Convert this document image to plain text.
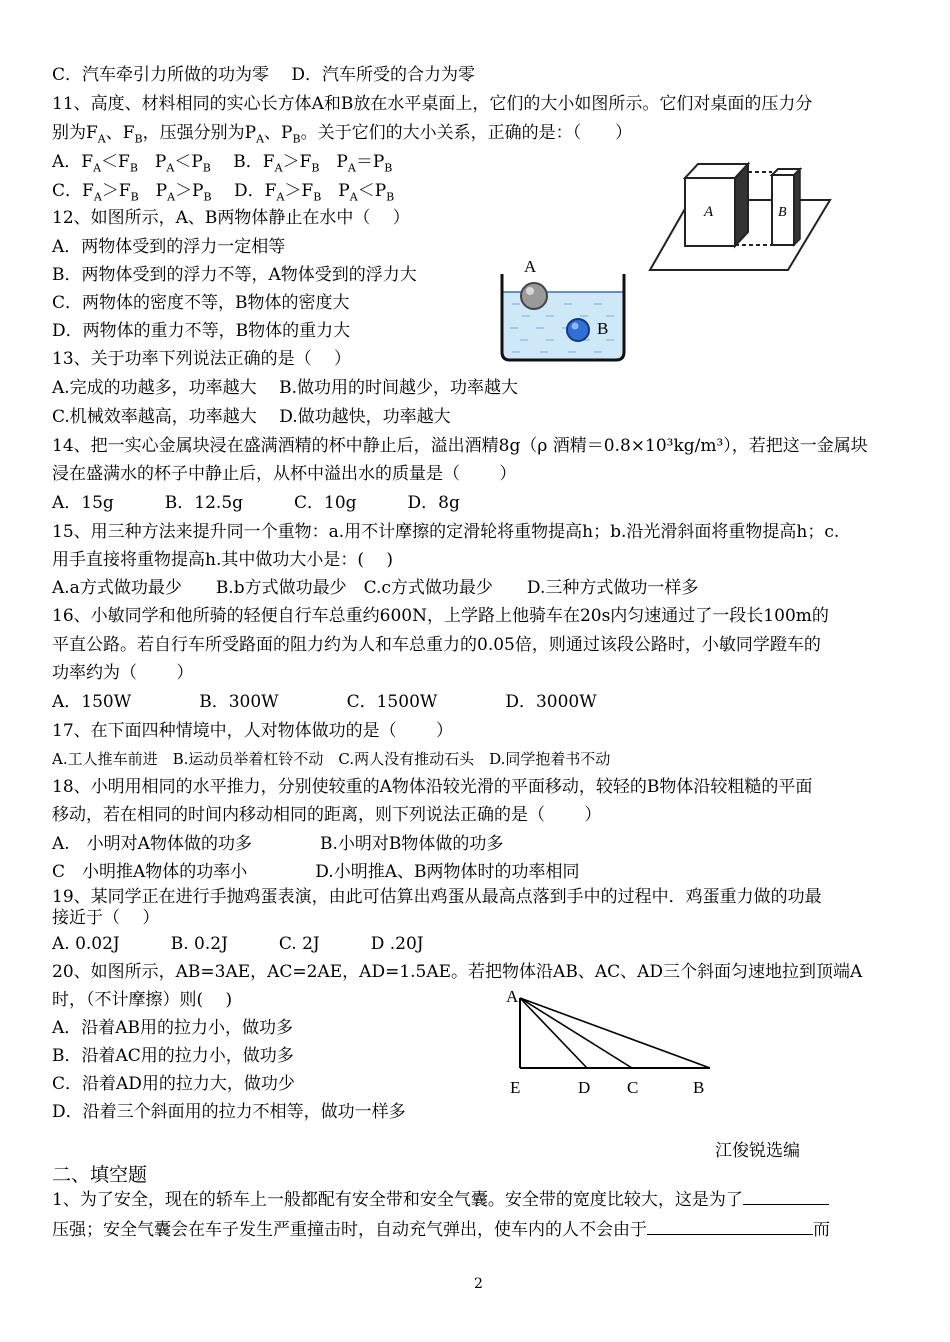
C．汽车牵引力所做的功为零　 D．汽车所受的合力为零
11、高度、材料相同的实心长方体A和B放在水平桌面上，它们的大小如图所示。它们对桌面的压力分
别为$F_A$、$F_B$，压强分别为$P_A$、$P_B$。关于它们的大小关系，正确的是：（　　）
A．$F_A<F_B$　$P_A<P_B$　 B．$F_A>F_B$　$P_A=P_B$
C．$F_A>F_B$　$P_A>P_B$　 D．$F_A>F_B$　$P_A<P_B$
12、如图所示，A、B两物体静止在水中（　 ）
A．两物体受到的浮力一定相等
B．两物体受到的浮力不等，A物体受到的浮力大
C．两物体的密度不等，B物体的密度大
D．两物体的重力不等，B物体的重力大
13、关于功率下列说法正确的是（　 ）
A.完成的功越多，功率越大　 B.做功用的时间越少，功率越大
C.机械效率越高，功率越大　 D.做功越快，功率越大
14、把一实心金属块浸在盛满酒精的杯中静止后，溢出酒精8g（ρ 酒精＝0.8×10³kg/m³），若把这一金属块
浸在盛满水的杯子中静止后，从杯中溢出水的质量是（　　 ）
A．15g　　　B．12.5g　　　C．10g　　　D．8g
15、用三种方法来提升同一个重物：a.用不计摩擦的定滑轮将重物提高h；b.沿光滑斜面将重物提高h；c.
用手直接将重物提高h.其中做功大小是：(　 )
A.a方式做功最少　　B.b方式做功最少　C.c方式做功最少　　D.三种方式做功一样多
16、小敏同学和他所骑的轻便自行车总重约600N，上学路上他骑车在20s内匀速通过了一段长100m的
平直公路。若自行车所受路面的阻力约为人和车总重力的0.05倍，则通过该段公路时，小敏同学蹬车的
功率约为（　　 ）
A．150W　　　　B．300W　　　　C．1500W　　　　D．3000W
17、在下面四种情境中，人对物体做功的是（　　 ）
A.工人推车前进　B.运动员举着杠铃不动　C.两人没有推动石头　D.同学抱着书不动
18、小明用相同的水平推力，分别使较重的A物体沿较光滑的平面移动，较轻的B物体沿较粗糙的平面
移动，若在相同的时间内移动相同的距离，则下列说法正确的是（　　 ）
A.　小明对A物体做的功多　　　　B.小明对B物体做的功多
C　小明推A物体的功率小　　　　D.小明推A、B两物体时的功率相同
19、某同学正在进行手抛鸡蛋表演，由此可估算出鸡蛋从最高点落到手中的过程中．鸡蛋重力做的功最
接近于（　 ）
A. 0.02J　　　B. 0.2J　　　C. 2J　　　D .20J
20、如图所示，AB=3AE，AC=2AE，AD=1.5AE。若把物体沿AB、AC、AD三个斜面匀速地拉到顶端A
时，（不计摩擦）则(　 )
A．沿着AB用的拉力小，做功多
B．沿着AC用的拉力小，做功多
C．沿着AD用的拉力大，做功少
D．沿着三个斜面用的拉力不相等，做功一样多
A	B
A
B
A
E	D C	B
江俊锐选编
二、填空题
1、为了安全，现在的轿车上一般都配有安全带和安全气囊。安全带的宽度比较大，这是为了
压强；安全气囊会在车子发生严重撞击时，自动充气弹出，使车内的人不会由于	而
2
